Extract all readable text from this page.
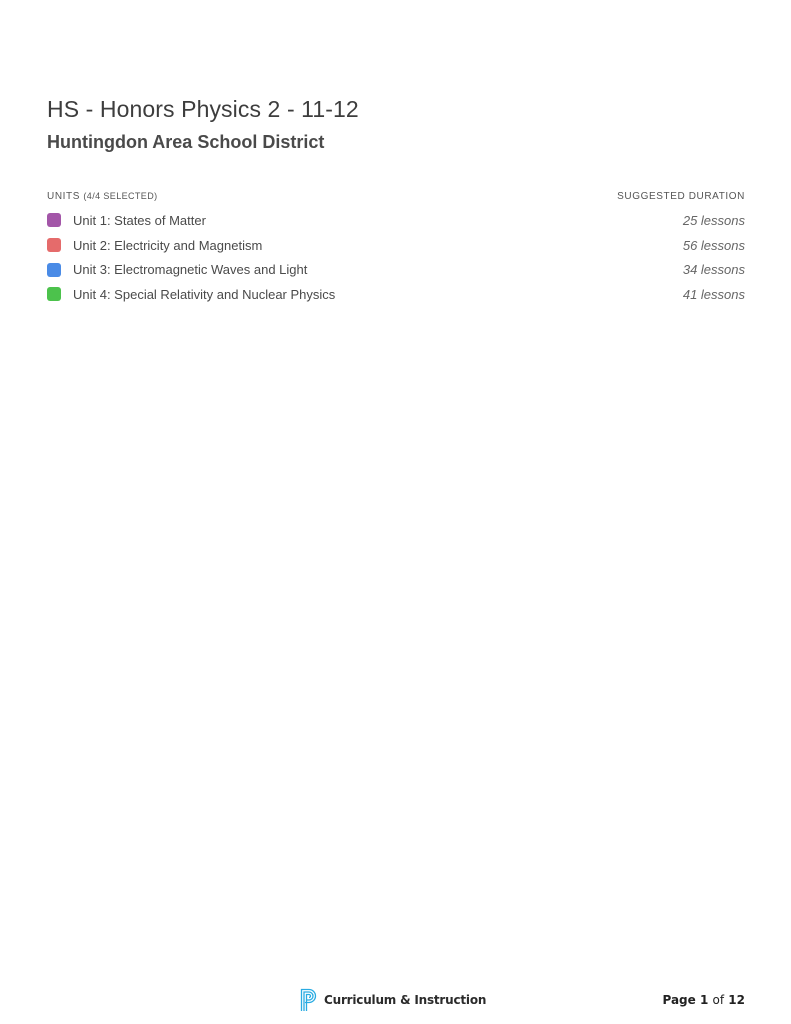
HS - Honors Physics 2 - 11-12
Huntingdon Area School District
UNITS (4/4 SELECTED)	SUGGESTED DURATION
Unit 1: States of Matter	25 lessons
Unit 2: Electricity and Magnetism	56 lessons
Unit 3: Electromagnetic Waves and Light	34 lessons
Unit 4: Special Relativity and Nuclear Physics	41 lessons
Curriculum & Instruction	Page 1 of 12
